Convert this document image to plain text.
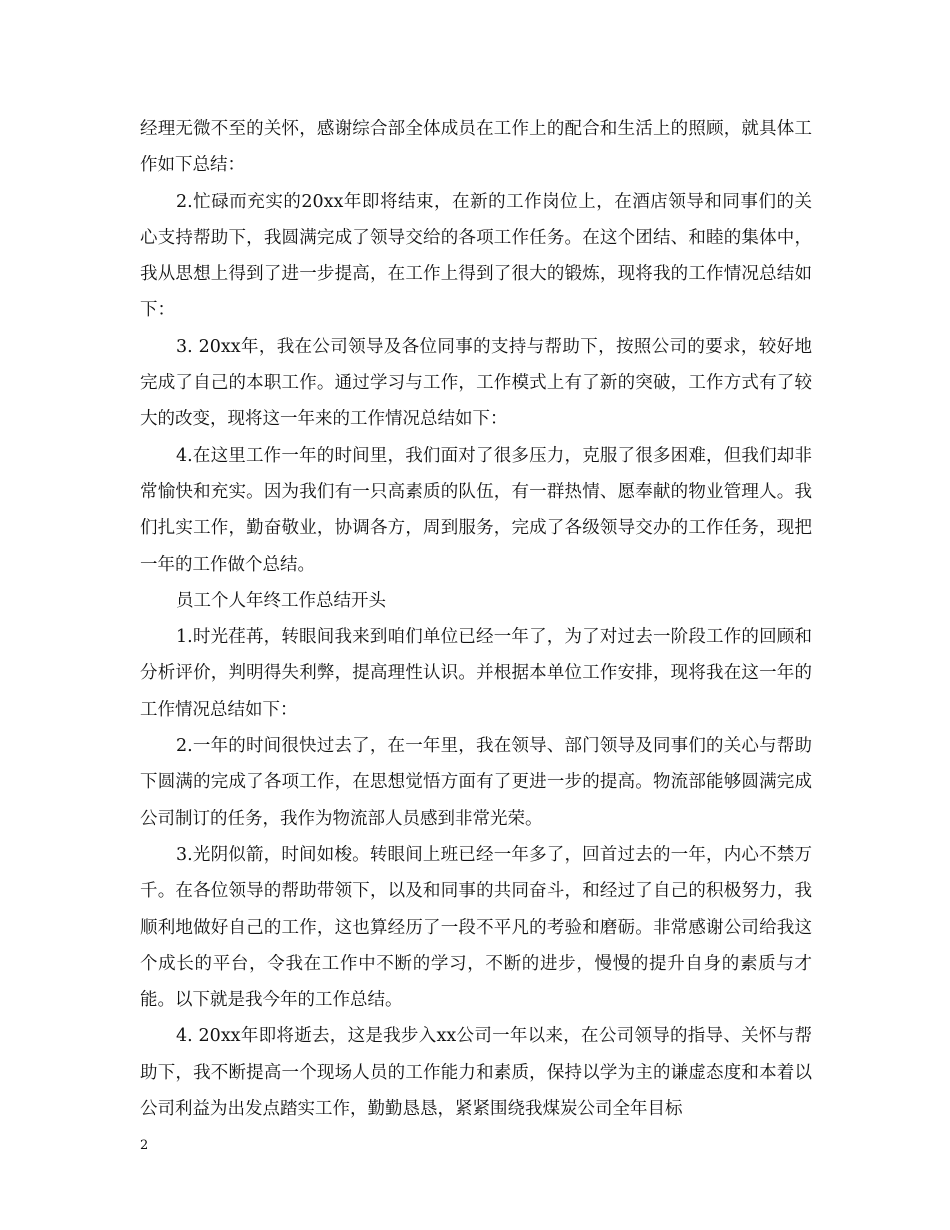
经理无微不至的关怀，感谢综合部全体成员在工作上的配合和生活上的照顾，就具体工作如下总结：

2.忙碌而充实的20xx年即将结束，在新的工作岗位上，在酒店领导和同事们的关心支持帮助下，我圆满完成了领导交给的各项工作任务。在这个团结、和睦的集体中，我从思想上得到了进一步提高，在工作上得到了很大的锻炼，现将我的工作情况总结如下：

3. 20xx年，我在公司领导及各位同事的支持与帮助下，按照公司的要求，较好地完成了自己的本职工作。通过学习与工作，工作模式上有了新的突破，工作方式有了较大的改变，现将这一年来的工作情况总结如下：

4.在这里工作一年的时间里，我们面对了很多压力，克服了很多困难，但我们却非常愉快和充实。因为我们有一只高素质的队伍，有一群热情、愿奉献的物业管理人。我们扎实工作，勤奋敬业，协调各方，周到服务，完成了各级领导交办的工作任务，现把一年的工作做个总结。

员工个人年终工作总结开头

1.时光荏苒，转眼间我来到咱们单位已经一年了，为了对过去一阶段工作的回顾和分析评价，判明得失利弊，提高理性认识。并根据本单位工作安排，现将我在这一年的工作情况总结如下：

2.一年的时间很快过去了，在一年里，我在领导、部门领导及同事们的关心与帮助下圆满的完成了各项工作，在思想觉悟方面有了更进一步的提高。物流部能够圆满完成公司制订的任务，我作为物流部人员感到非常光荣。

3.光阴似箭，时间如梭。转眼间上班已经一年多了，回首过去的一年，内心不禁万千。在各位领导的帮助带领下，以及和同事的共同奋斗，和经过了自己的积极努力，我顺利地做好自己的工作，这也算经历了一段不平凡的考验和磨砺。非常感谢公司给我这个成长的平台，令我在工作中不断的学习，不断的进步，慢慢的提升自身的素质与才能。以下就是我今年的工作总结。

4. 20xx年即将逝去，这是我步入xx公司一年以来，在公司领导的指导、关怀与帮助下，我不断提高一个现场人员的工作能力和素质，保持以学为主的谦虚态度和本着以公司利益为出发点踏实工作，勤勤恳恳，紧紧围绕我煤炭公司全年目标

2
